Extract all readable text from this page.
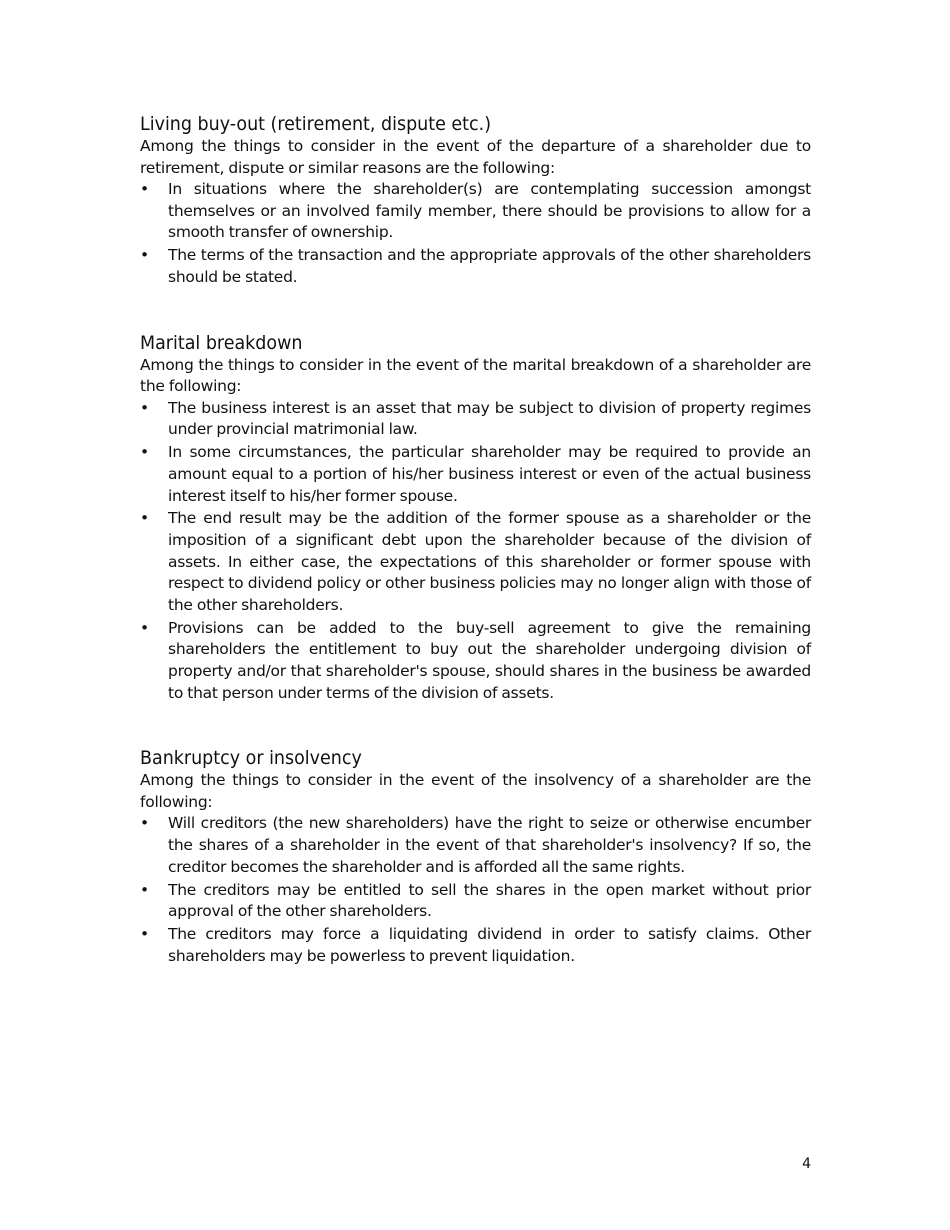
Living buy-out (retirement, dispute etc.)

Among the things to consider in the event of the departure of a shareholder due to retirement, dispute or similar reasons are the following:

• In situations where the shareholder(s) are contemplating succession amongst themselves or an involved family member, there should be provisions to allow for a smooth transfer of ownership.
• The terms of the transaction and the appropriate approvals of the other shareholders should be stated.
Marital breakdown

Among the things to consider in the event of the marital breakdown of a shareholder are the following:

• The business interest is an asset that may be subject to division of property regimes under provincial matrimonial law.
• In some circumstances, the particular shareholder may be required to provide an amount equal to a portion of his/her business interest or even of the actual business interest itself to his/her former spouse.
• The end result may be the addition of the former spouse as a shareholder or the imposition of a significant debt upon the shareholder because of the division of assets. In either case, the expectations of this shareholder or former spouse with respect to dividend policy or other business policies may no longer align with those of the other shareholders.
• Provisions can be added to the buy-sell agreement to give the remaining shareholders the entitlement to buy out the shareholder undergoing division of property and/or that shareholder's spouse, should shares in the business be awarded to that person under terms of the division of assets.
Bankruptcy or insolvency

Among the things to consider in the event of the insolvency of a shareholder are the following:

• Will creditors (the new shareholders) have the right to seize or otherwise encumber the shares of a shareholder in the event of that shareholder's insolvency? If so, the creditor becomes the shareholder and is afforded all the same rights.
• The creditors may be entitled to sell the shares in the open market without prior approval of the other shareholders.
• The creditors may force a liquidating dividend in order to satisfy claims. Other shareholders may be powerless to prevent liquidation.
4
